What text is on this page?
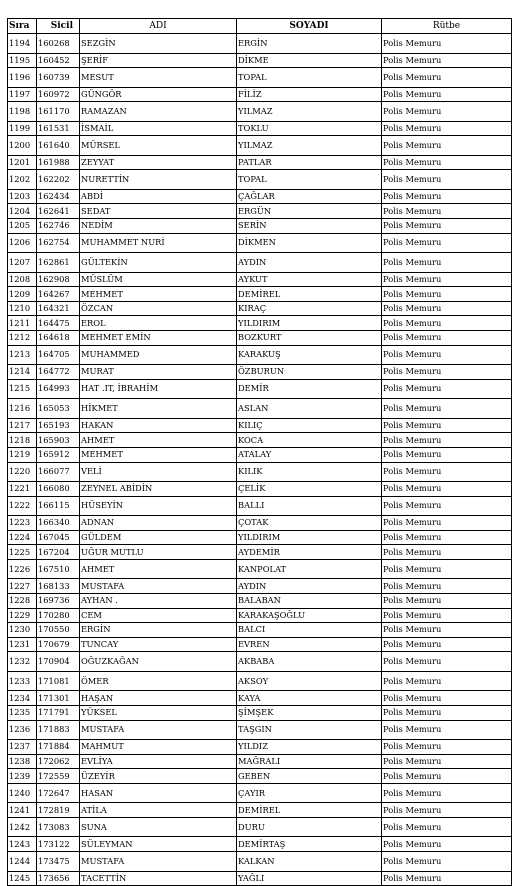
Sıra	Sicil	ADI	SOYADI	Rütbe
1194	160268	SEZGİN	ERGİN	Polis Memuru
1195	160452	ŞERİF	DİKME	Polis Memuru
1196	160739	MESUT	TOPAL	Polis Memuru
1197	160972	GÜNGÖR	FİLİZ	Polis Memuru
1198	161170	RAMAZAN	YILMAZ	Polis Memuru
1199	161531	İSMAİL	TOKLU	Polis Memuru
1200	161640	MÜRSEL	YILMAZ	Polis Memuru
1201	161988	ZEYYAT	PATLAR	Polis Memuru
1202	162202	NURETTİN	TOPAL	Polis Memuru
1203	162434	ABDİ	ÇAĞLAR	Polis Memuru
1204	162641	SEDAT	ERGÜN	Polis Memuru
1205	162746	NEDİM	SERİN	Polis Memuru
1206	162754	MUHAMMET NURİ	DİKMEN	Polis Memuru
1207	162861	GÜLTEKİN	AYDIN	Polis Memuru
1208	162908	MÜSLÜM	AYKUT	Polis Memuru
1209	164267	MEHMET	DEMİREL	Polis Memuru
1210	164321	ÖZCAN	KIRAÇ	Polis Memuru
1211	164475	EROL	YILDIRIM	Polis Memuru
1212	164618	MEHMET EMİN	BOZKURT	Polis Memuru
1213	164705	MUHAMMED	KARAKUŞ	Polis Memuru
1214	164772	MURAT	ÖZBURUN	Polis Memuru
1215	164993	HAT .IT, İBRAHİM	DEMİR	Polis Memuru
1216	165053	HİKMET	ASLAN	Polis Memuru
1217	165193	HAKAN	KILIÇ	Polis Memuru
1218	165903	AHMET	KOCA	Polis Memuru
1219	165912	MEHMET	ATALAY	Polis Memuru
1220	166077	VELİ	KILIK	Polis Memuru
1221	166080	ZEYNEL ABİDİN	ÇELİK	Polis Memuru
1222	166115	HÜSEYİN	BALLI	Polis Memuru
1223	166340	ADNAN	ÇOTAK	Polis Memuru
1224	167045	GÜLDEM	YILDIRIM	Polis Memuru
1225	167204	UĞUR MUTLU	AYDEMİR	Polis Memuru
1226	167510	AHMET	KANPOLAT	Polis Memuru
1227	168133	MUSTAFA	AYDIN	Polis Memuru
1228	169736	AYHAN .	BALABAN	Polis Memuru
1229	170280	CEM	KARAKAŞOĞLU	Polis Memuru
1230	170550	ERGİN	BALCI	Polis Memuru
1231	170679	TUNCAY	EVREN	Polis Memuru
1232	170904	OĞUZKAĞAN	AKBABA	Polis Memuru
1233	171081	ÖMER	AKSOY	Polis Memuru
1234	171301	HAŞAN	KAYA	Polis Memuru
1235	171791	YÜKSEL	ŞİMŞEK	Polis Memuru
1236	171883	MUSTAFA	TAŞGIN	Polis Memuru
1237	171884	MAHMUT	YILDIZ	Polis Memuru
1238	172062	EVLİYA	MAĞRALI	Polis Memuru
1239	172559	ÜZEYİR	GEBEN	Polis Memuru
1240	172647	HASAN	ÇAYIR	Polis Memuru
1241	172819	ATİLA	DEMİREL	Polis Memuru
1242	173083	SUNA	DURU	Polis Memuru
1243	173122	SÜLEYMAN	DEMİRTAŞ	Polis Memuru
1244	173475	MUSTAFA	KALKAN	Polis Memuru
1245	173656	TACETTİN	YAĞLI	Polis Memuru
